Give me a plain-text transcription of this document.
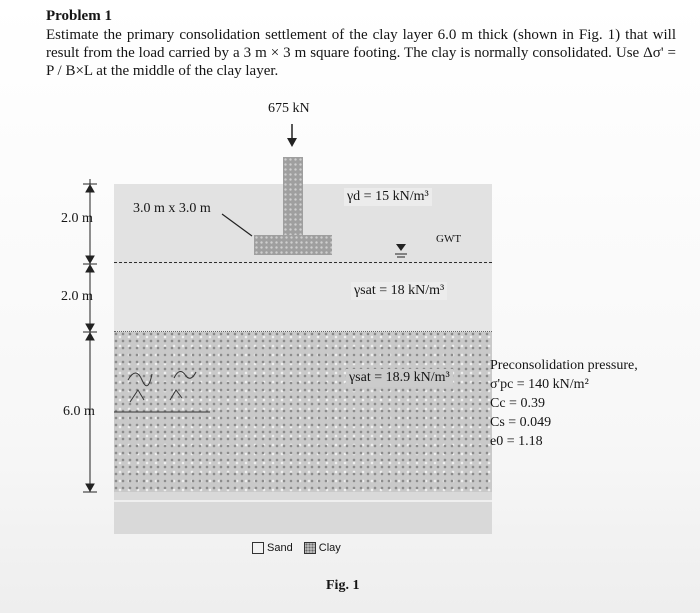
Problem 1

Estimate the primary consolidation settlement of the clay layer 6.0 m thick (shown in Fig. 1) that will result from the load carried by a 3 m × 3 m square footing. The clay is normally consolidated. Use Δσ' = P / B×L at the middle of the clay layer.

675 kN
2.0 m
2.0 m
6.0 m
3.0 m x 3.0 m
GWT
γd = 15 kN/m³
γsat = 18 kN/m³
γsat = 18.9 kN/m³
Preconsolidation pressure,
σ'pc = 140 kN/m²
Cc = 0.39
Cs = 0.049
e0 = 1.18
Sand
Clay
Fig. 1
